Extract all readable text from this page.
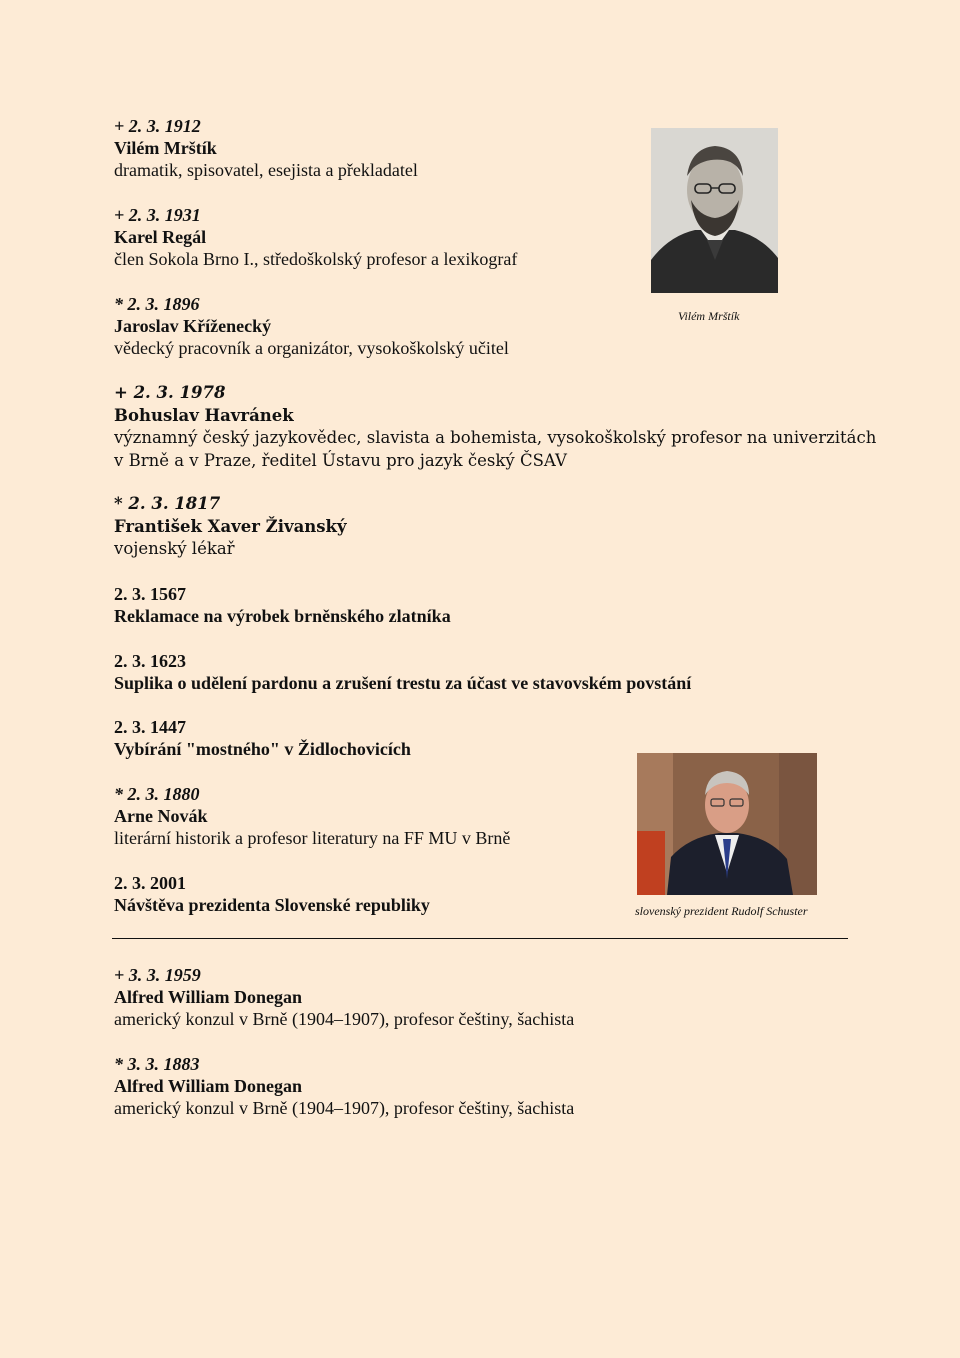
+ 2. 3. 1912
Vilém Mrštík
dramatik, spisovatel, esejista a překladatel
+ 2. 3. 1931
Karel Regál
člen Sokola Brno I., středoškolský profesor a lexikograf
* 2. 3. 1896
Jaroslav Kříženecký
vědecký pracovník a organizátor, vysokoškolský učitel
+ 2. 3. 1978
Bohuslav Havránek
významný český jazykovědec, slavista a bohemista, vysokoškolský profesor na univerzitách
v Brně a v Praze, ředitel Ústavu pro jazyk český ČSAV
* 2. 3. 1817
František Xaver Živanský
vojenský lékař
2. 3. 1567
Reklamace na výrobek brněnského zlatníka
2. 3. 1623
Suplika o udělení pardonu a zrušení trestu za účast ve stavovském povstání
2. 3. 1447
Vybírání "mostného" v Židlochovicích
* 2. 3. 1880
Arne Novák
literární historik a profesor literatury na FF MU v Brně
2. 3. 2001
Návštěva prezidenta Slovenské republiky
+ 3. 3. 1959
Alfred William Donegan
americký konzul v Brně (1904–1907), profesor češtiny, šachista
* 3. 3. 1883
Alfred William Donegan
americký konzul v Brně (1904–1907), profesor češtiny, šachista
Vilém Mrštík
slovenský prezident Rudolf Schuster
